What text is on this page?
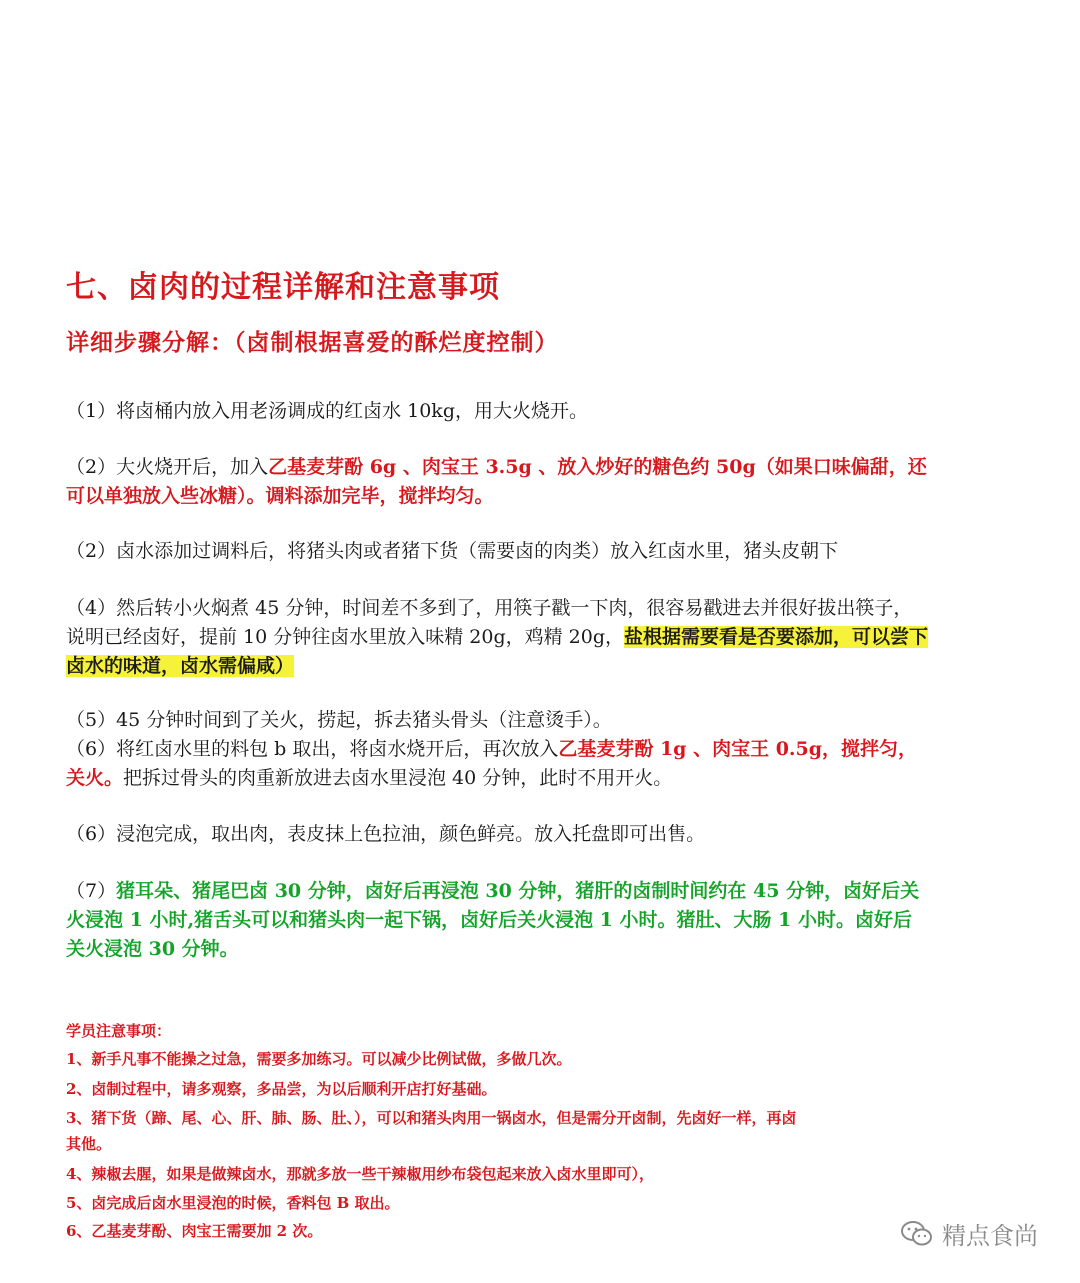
七、卤肉的过程详解和注意事项
详细步骤分解：（卤制根据喜爱的酥烂度控制）
（1）将卤桶内放入用老汤调成的红卤水 10kg，用大火烧开。
（2）大火烧开后，加入乙基麦芽酚 6g 、肉宝王 3.5g 、放入炒好的糖色约 50g（如果口味偏甜，还
可以单独放入些冰糖）。调料添加完毕，搅拌均匀。
（2）卤水添加过调料后，将猪头肉或者猪下货（需要卤的肉类）放入红卤水里，猪头皮朝下
（4）然后转小火焖煮 45 分钟，时间差不多到了，用筷子戳一下肉，很容易戳进去并很好拔出筷子，
说明已经卤好，提前 10 分钟往卤水里放入味精 20g，鸡精 20g，盐根据需要看是否要添加，可以尝下
卤水的味道，卤水需偏咸）
（5）45 分钟时间到了关火，捞起，拆去猪头骨头（注意烫手）。
（6）将红卤水里的料包 b 取出，将卤水烧开后，再次放入乙基麦芽酚 1g 、肉宝王 0.5g，搅拌匀，
关火。把拆过骨头的肉重新放进去卤水里浸泡 40 分钟，此时不用开火。
（6）浸泡完成，取出肉，表皮抹上色拉油，颜色鲜亮。放入托盘即可出售。
（7）猪耳朵、猪尾巴卤 30 分钟，卤好后再浸泡 30 分钟，猪肝的卤制时间约在 45 分钟，卤好后关
火浸泡 1 小时,猪舌头可以和猪头肉一起下锅，卤好后关火浸泡 1 小时。猪肚、大肠 1 小时。卤好后
关火浸泡 30 分钟。
学员注意事项：
1、新手凡事不能操之过急，需要多加练习。可以减少比例试做，多做几次。
2、卤制过程中，请多观察，多品尝，为以后顺利开店打好基础。
3、猪下货（蹄、尾、心、肝、肺、肠、肚、），可以和猪头肉用一锅卤水，但是需分开卤制，先卤好一样，再卤
其他。
4、辣椒去腥，如果是做辣卤水，那就多放一些干辣椒用纱布袋包起来放入卤水里即可），
5、卤完成后卤水里浸泡的时候，香料包 B 取出。
6、乙基麦芽酚、肉宝王需要加 2 次。	精点食尚
